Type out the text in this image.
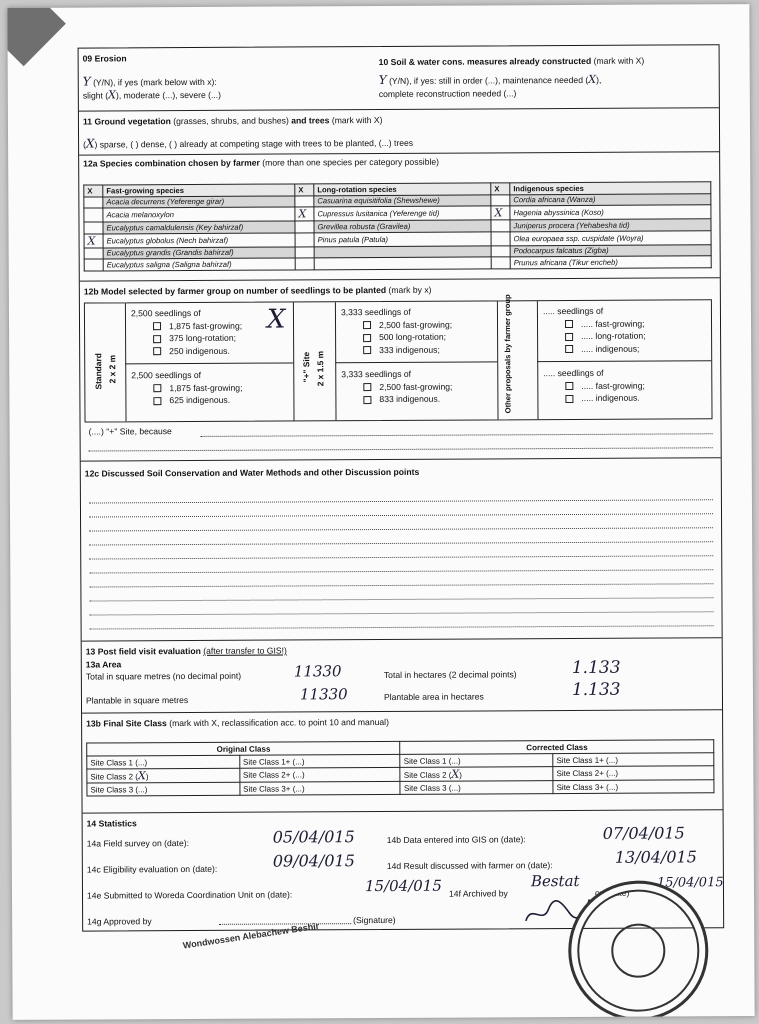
09 Erosion
Y (Y/N), if yes (mark below with x):
slight (X), moderate (...), severe (...)
10 Soil & water cons. measures already constructed (mark with X)
Y (Y/N), if yes: still in order (...), maintenance needed (X),
complete reconstruction needed (...)
11 Ground vegetation (grasses, shrubs, and bushes) and trees (mark with X)
(X) sparse, ( ) dense, ( ) already at competing stage with trees to be planted, (...) trees
12a Species combination chosen by farmer (more than one species per category possible)
X	Fast-growing species	X	Long-rotation species	X	Indigenous species
	Acacia decurrens (Yeferenge girar)		Casuarina equisitifolia (Shewshewe)		Cordia africana (Wanza)
	Acacia melanoxylon	X	Cupressus lusitanica (Yeferenge tid)	X	Hagenia abyssinica (Koso)
	Eucalyptus camaldulensis (Key bahirzaf)		Grevillea robusta (Gravilea)		Juniperus procera (Yehabesha tid)
X	Eucalyptus globolus (Nech bahirzaf)		Pinus patula (Patula)		Olea europaea ssp. cuspidate (Woyra)
	Eucalyptus grandis (Grandis bahirzaf)				Podocarpus falcatus (Zigba)
	Eucalyptus saligna (Saligna bahirzaf)				Prunus africana (Tikur encheb)
12b Model selected by farmer group on number of seedlings to be planted (mark by x)
Standard 2 x 2 m	"+" Site 2 x 1.5 m	Other proposals by farmer group
2,500 seedlings of
1,875 fast-growing;
375 long-rotation;
250 indigenous.
X
2,500 seedlings of
1,875 fast-growing;
625 indigenous.
3,333 seedlings of
2,500 fast-growing;
500 long-rotation;
333 indigenous;
3,333 seedlings of
2,500 fast-growing;
833 indigenous.
..... seedlings of
..... fast-growing;
..... long-rotation;
..... indigenous;
..... seedlings of
..... fast-growing;
..... indigenous.
(....) "+" Site, because
12c Discussed Soil Conservation and Water Methods and other Discussion points
13 Post field visit evaluation (after transfer to GIS!)
13a Area
Total in square metres (no decimal point)	11330	Total in hectares (2 decimal points)	1.133
Plantable in square metres	11330	Plantable area in hectares	1.133
13b Final Site Class (mark with X, reclassification acc. to point 10 and manual)
Original Class		Corrected Class	
Site Class 1 (...)	Site Class 1+ (...)	Site Class 1 (...)	Site Class 1+ (...)
Site Class 2 (X)	Site Class 2+ (...)	Site Class 2 (X)	Site Class 2+ (...)
Site Class 3 (...)	Site Class 3+ (...)	Site Class 3 (...)	Site Class 3+ (...)
14 Statistics
14a Field survey on (date):	05/04/015	14b Data entered into GIS on (date):	07/04/015
14c Eligibility evaluation on (date):	09/04/015	14d Result discussed with farmer on (date):	13/04/015
14e Submitted to Woreda Coordination Unit on (date):	15/04/015 14f Archived by
Bestat
on (date)
15/04/015
14g Approved by	(Signature)
Wondwossen Alebachew Beshir
